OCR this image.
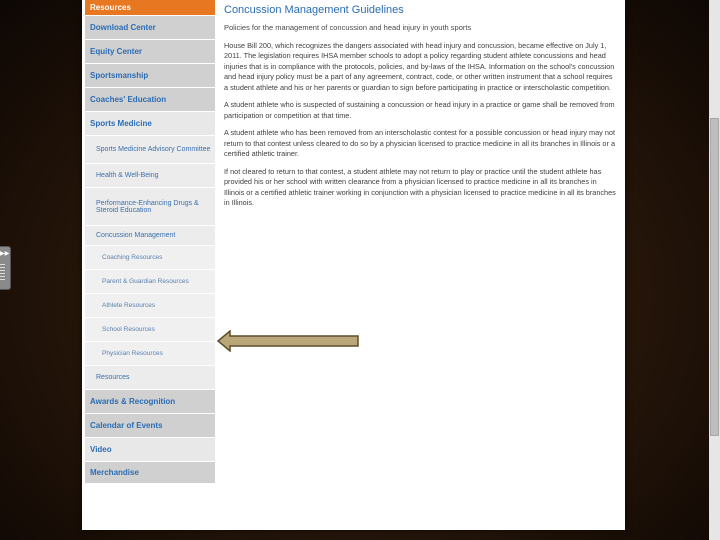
Resources
Download Center
Equity Center
Sportsmanship
Coaches' Education
Sports Medicine
Sports Medicine Advisory Committee
Health & Well-Being
Performance-Enhancing Drugs & Steroid Education
Concussion Management
Coaching Resources
Parent & Guardian Resources
Athlete Resources
School Resources
Physician Resources
Resources
Awards & Recognition
Calendar of Events
Video
Merchandise
Concussion Management Guidelines
Policies for the management of concussion and head injury in youth sports

House Bill 200, which recognizes the dangers associated with head injury and concussion, became effective on July 1, 2011. The legislation requires IHSA member schools to adopt a policy regarding student athlete concussions and head injuries that is in compliance with the protocols, policies, and by-laws of the IHSA. Information on the school's concussion and head injury policy must be a part of any agreement, contract, code, or other written instrument that a school requires a student athlete and his or her parents or guardian to sign before participating in practice or interscholastic competition.

A student athlete who is suspected of sustaining a concussion or head injury in a practice or game shall be removed from participation or competition at that time.

A student athlete who has been removed from an interscholastic contest for a possible concussion or head injury may not return to that contest unless cleared to do so by a physician licensed to practice medicine in all its branches in Illinois or a certified athletic trainer.

If not cleared to return to that contest, a student athlete may not return to play or practice until the student athlete has provided his or her school with written clearance from a physician licensed to practice medicine in all its branches in Illinois or a certified athletic trainer working in conjunction with a physician licensed to practice medicine in all its branches in Illinois.

▶▶
